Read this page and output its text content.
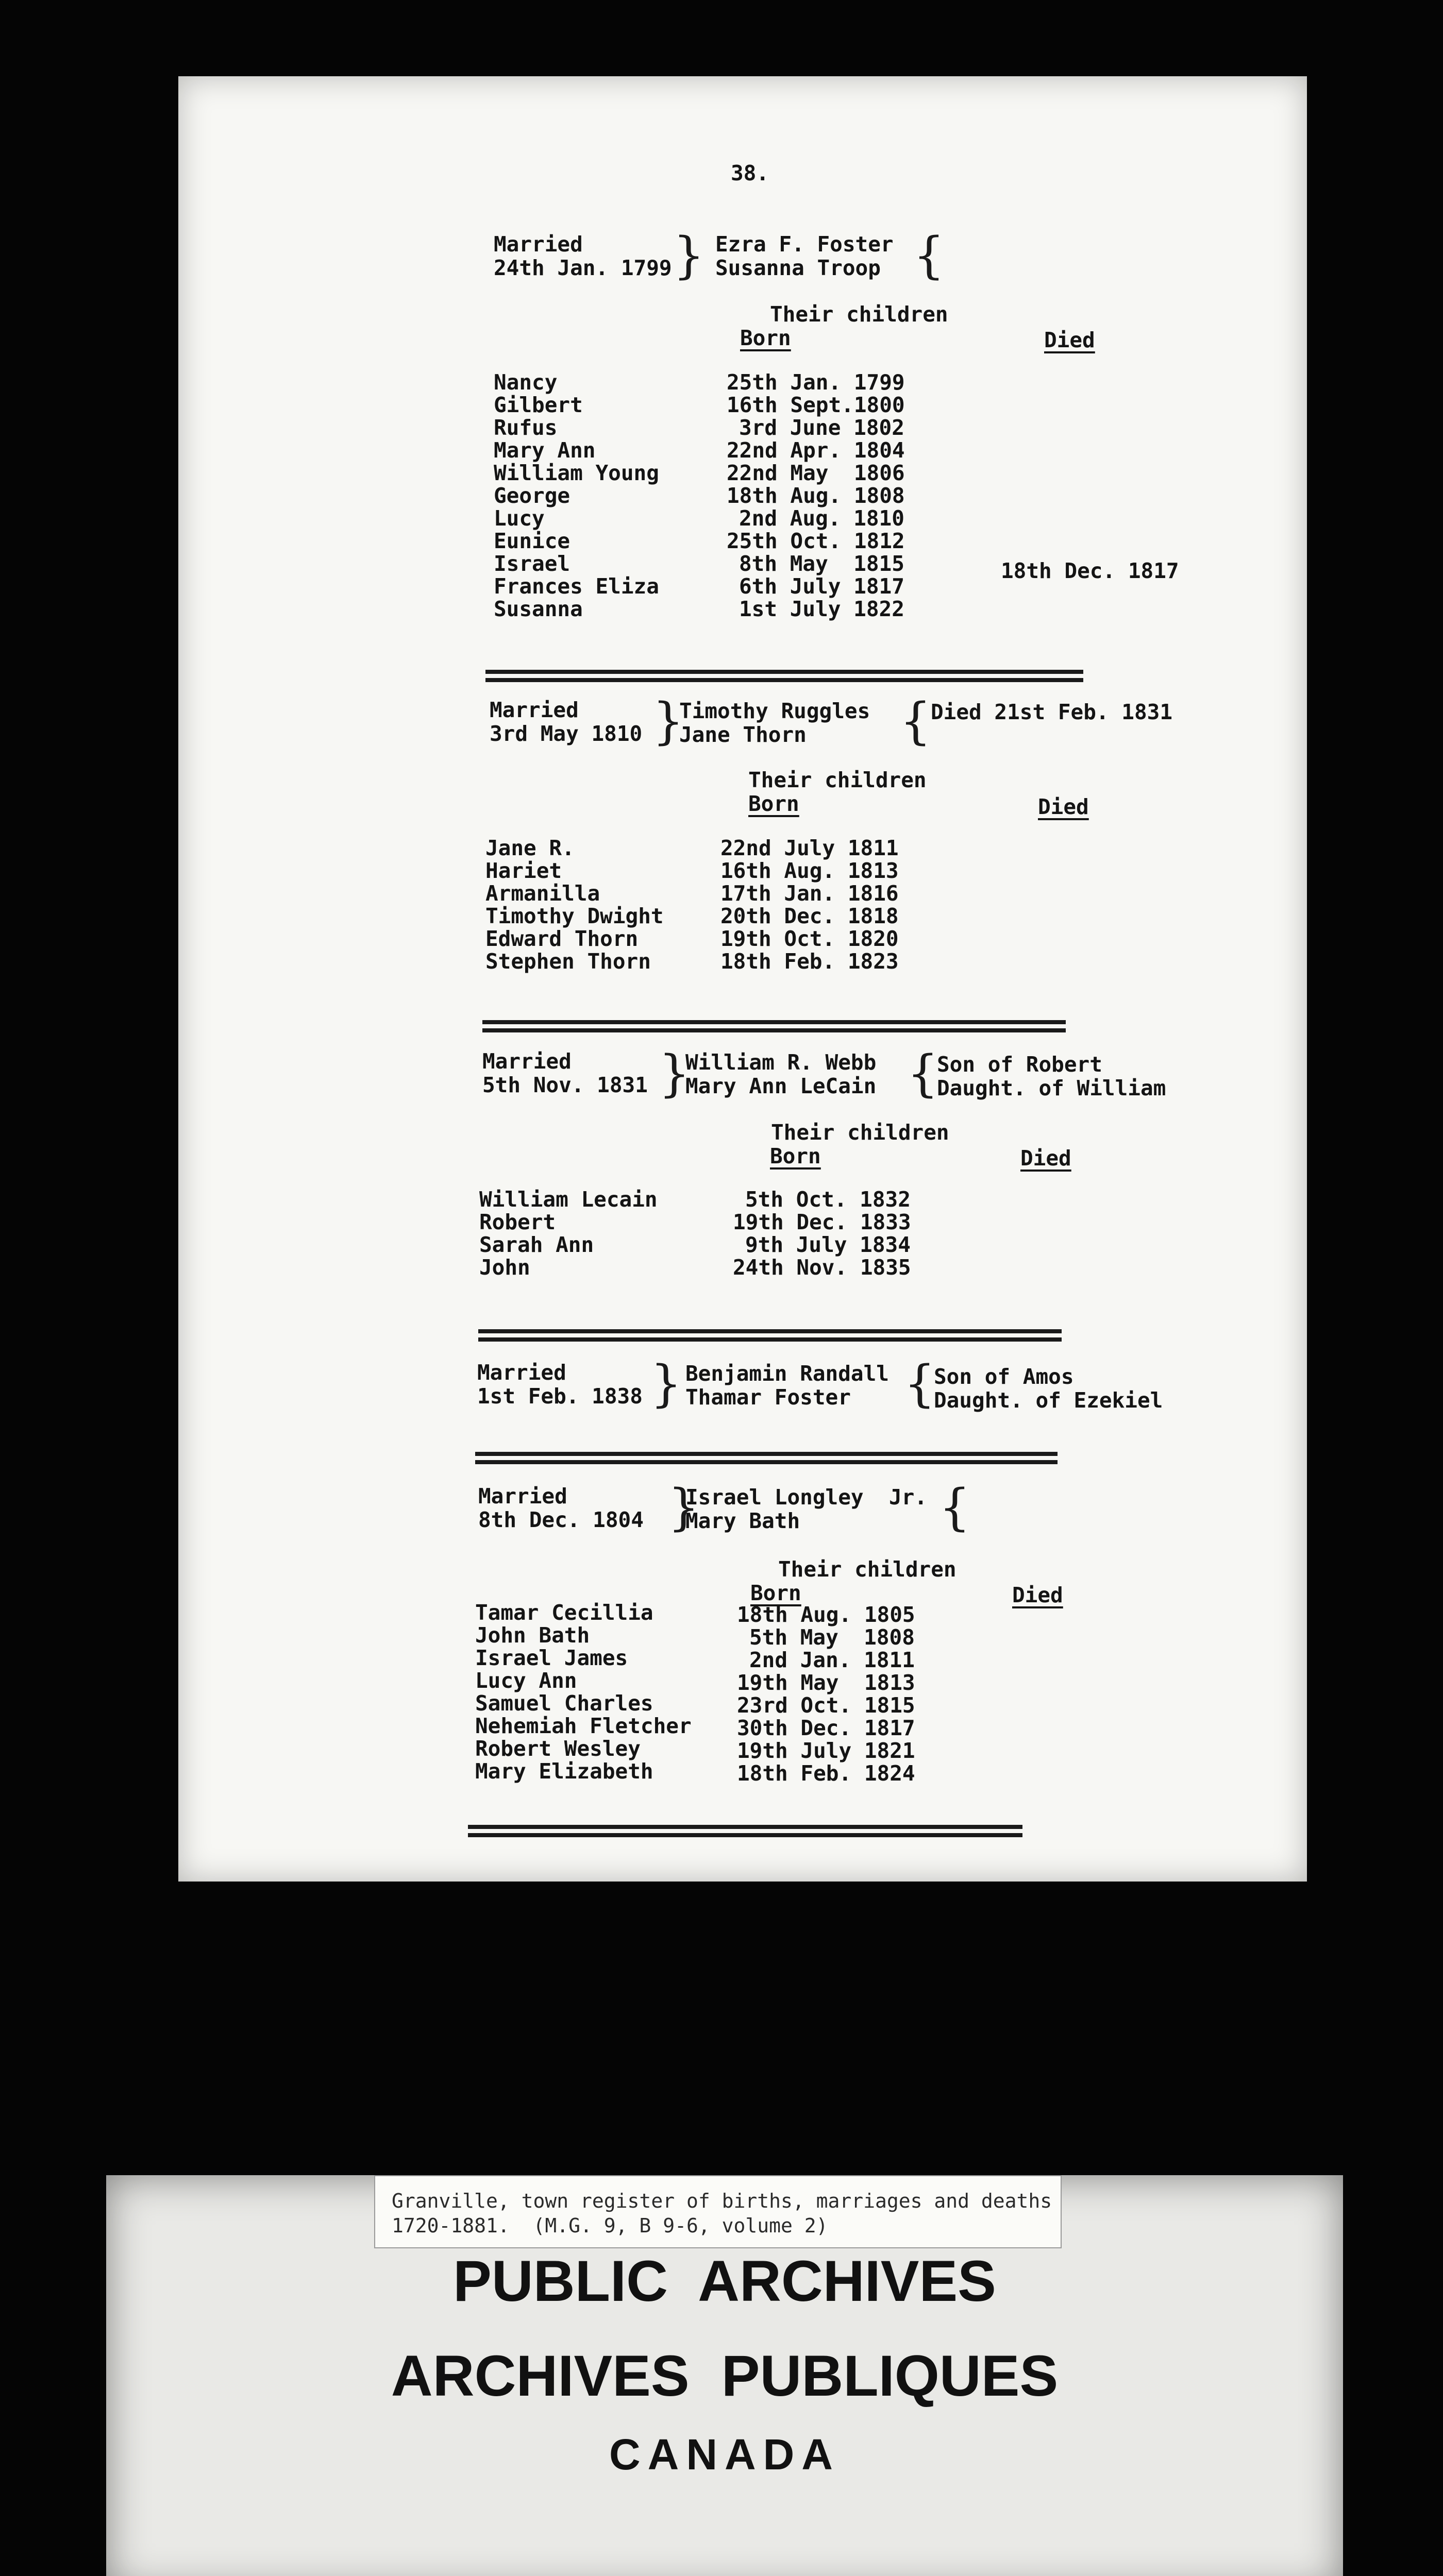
38.
Married
24th Jan. 1799 } Ezra F. Foster
Susanna Troop {
Their children
Born	Died
Nancy	25th Jan. 1799
Gilbert	16th Sept.1800
Rufus	3rd June 1802
Mary Ann	22nd Apr. 1804
William Young	22nd May  1806
George	18th Aug. 1808
Lucy	2nd Aug. 1810
Eunice	25th Oct. 1812
Israel	8th May  1815	18th Dec. 1817
Frances Eliza	6th July 1817
Susanna	1st July 1822
Married
3rd May 1810 }
Timothy Ruggles
Jane Thorn {
Died 21st Feb. 1831
Their children
Born	Died
Jane R.	22nd July 1811
Hariet	16th Aug. 1813
Armanilla	17th Jan. 1816
Timothy Dwight	20th Dec. 1818
Edward Thorn	19th Oct. 1820
Stephen Thorn	18th Feb. 1823
Married
5th Nov. 1831 }
William R. Webb
Mary Ann LeCain {
Son of Robert
Daught. of William
Their children
Born	Died
William Lecain	5th Oct. 1832
Robert	19th Dec. 1833
Sarah Ann	9th July 1834
John	24th Nov. 1835
Married
1st Feb. 1838 } Benjamin Randall
Thamar Foster {
Son of Amos
Daught. of Ezekiel
Married
8th Dec. 1804 }
Israel Longley  Jr.
Mary Bath	{
Their children
Born	Died
Tamar Cecillia	18th Aug. 1805
John Bath	5th May  1808
Israel James	2nd Jan. 1811
Lucy Ann	19th May  1813
Samuel Charles	23rd Oct. 1815
Nehemiah Fletcher 30th Dec. 1817
Robert Wesley	19th July 1821
Mary Elizabeth	18th Feb. 1824
PUBLIC  ARCHIVES
ARCHIVES  PUBLIQUES
CANADA
Granville, town register of births, marriages and deaths
1720-1881.  (M.G. 9, B 9-6, volume 2)
